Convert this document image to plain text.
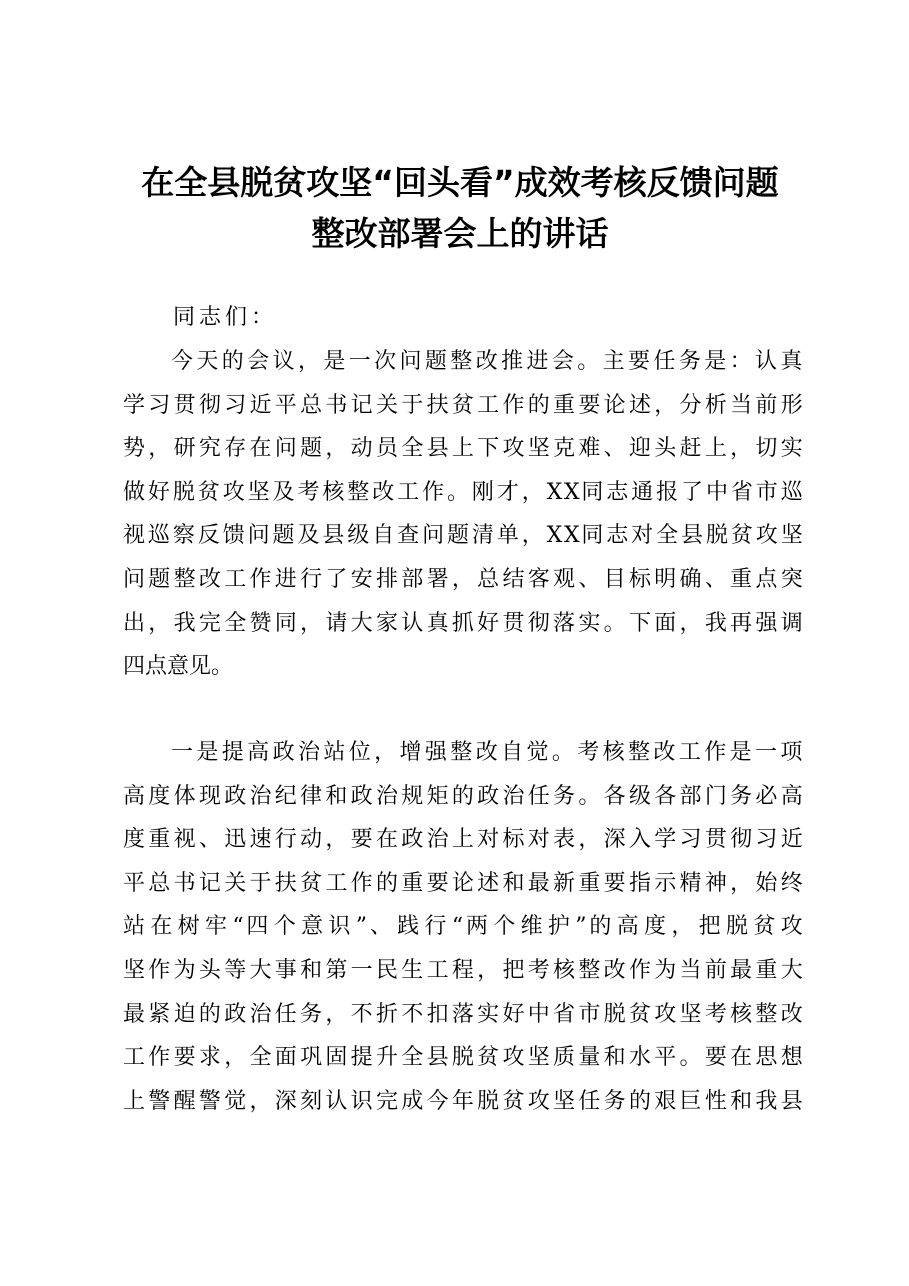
在全县脱贫攻坚“回头看”成效考核反馈问题
整改部署会上的讲话
同志们：
今 天 的 会 议 ， 是 一 次 问 题 整 改 推 进 会 。 主 要 任 务 是 ： 认 真
学 习 贯 彻 习 近 平 总 书 记 关 于 扶 贫 工 作 的 重 要 论 述 ， 分 析 当 前 形
势 ， 研 究 存 在 问 题 ， 动 员 全 县 上 下 攻 坚 克 难 、 迎 头 赶 上 ， 切 实
做 好 脱 贫 攻 坚 及 考 核 整 改 工 作 。 刚 才 ， X X 同 志 通 报 了 中 省 市 巡
视 巡 察 反 馈 问 题 及 县 级 自 查 问 题 清 单 ， X X 同 志 对 全 县 脱 贫 攻 坚
问 题 整 改 工 作 进 行 了 安 排 部 署 ， 总 结 客 观 、 目 标 明 确 、 重 点 突
出 ， 我 完 全 赞 同 ， 请 大 家 认 真 抓 好 贯 彻 落 实 。 下 面 ， 我 再 强 调
四点意见。
一 是 提 高 政 治 站 位 ， 增 强 整 改 自 觉 。 考 核 整 改 工 作 是 一 项
高 度 体 现 政 治 纪 律 和 政 治 规 矩 的 政 治 任 务 。 各 级 各 部 门 务 必 高
度 重 视 、 迅 速 行 动 ， 要 在 政 治 上 对 标 对 表 ， 深 入 学 习 贯 彻 习 近
平 总 书 记 关 于 扶 贫 工 作 的 重 要 论 述 和 最 新 重 要 指 示 精 神 ， 始 终
站 在 树 牢 “ 四 个 意 识 ” 、 践 行 “ 两 个 维 护 ” 的 高 度 ， 把 脱 贫 攻
坚 作 为 头 等 大 事 和 第 一 民 生 工 程 ， 把 考 核 整 改 作 为 当 前 最 重 大
最 紧 迫 的 政 治 任 务 ， 不 折 不 扣 落 实 好 中 省 市 脱 贫 攻 坚 考 核 整 改
工 作 要 求 ， 全 面 巩 固 提 升 全 县 脱 贫 攻 坚 质 量 和 水 平 。 要 在 思 想
上 警 醒 警 觉 ， 深 刻 认 识 完 成 今 年 脱 贫 攻 坚 任 务 的 艰 巨 性 和 我 县
